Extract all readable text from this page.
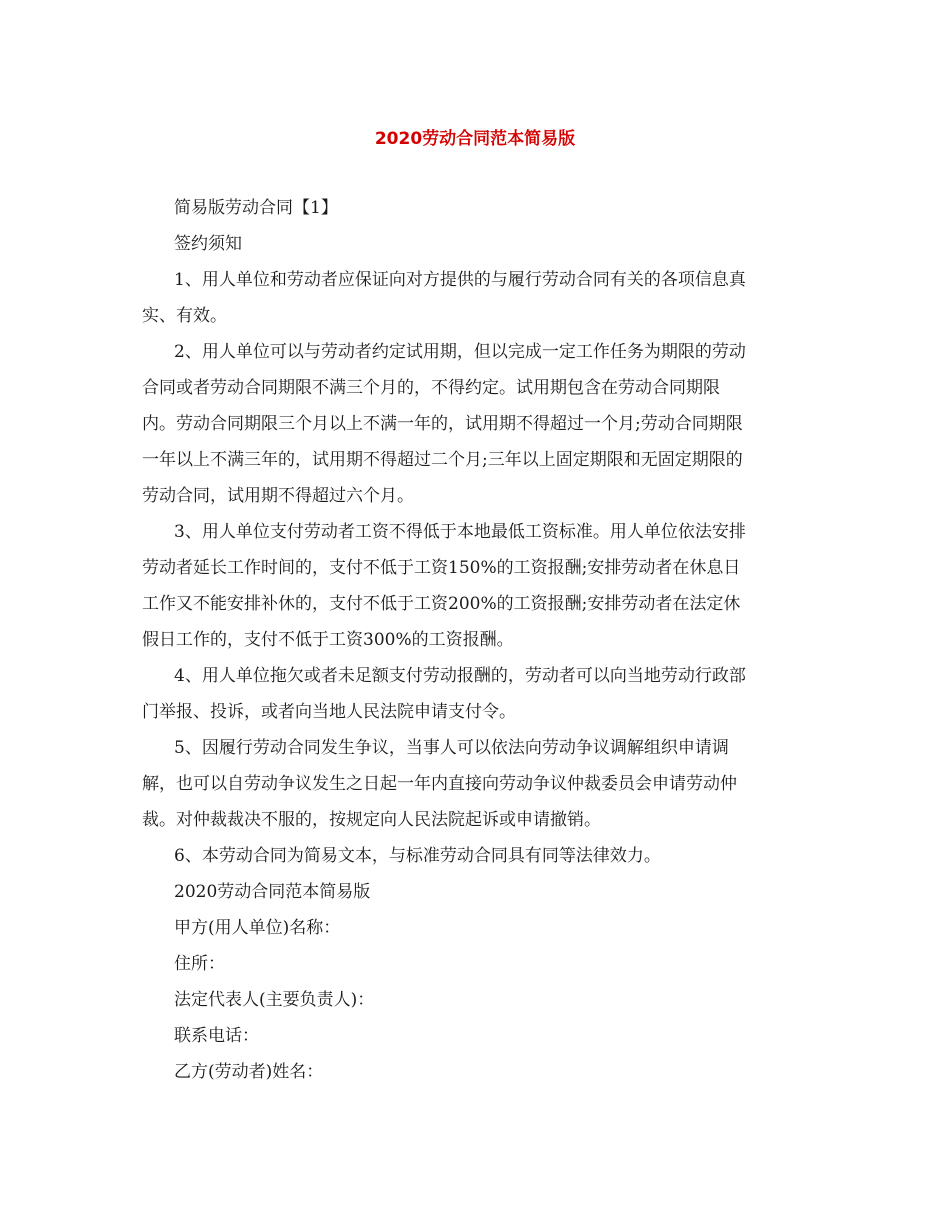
2020劳动合同范本简易版
简易版劳动合同【1】
签约须知
1、用人单位和劳动者应保证向对方提供的与履行劳动合同有关的各项信息真
实、有效。
2、用人单位可以与劳动者约定试用期，但以完成一定工作任务为期限的劳动
合同或者劳动合同期限不满三个月的，不得约定。试用期包含在劳动合同期限
内。劳动合同期限三个月以上不满一年的，试用期不得超过一个月;劳动合同期限
一年以上不满三年的，试用期不得超过二个月;三年以上固定期限和无固定期限的
劳动合同，试用期不得超过六个月。
3、用人单位支付劳动者工资不得低于本地最低工资标准。用人单位依法安排
劳动者延长工作时间的，支付不低于工资150%的工资报酬;安排劳动者在休息日
工作又不能安排补休的，支付不低于工资200%的工资报酬;安排劳动者在法定休
假日工作的，支付不低于工资300%的工资报酬。
4、用人单位拖欠或者未足额支付劳动报酬的，劳动者可以向当地劳动行政部
门举报、投诉，或者向当地人民法院申请支付令。
5、因履行劳动合同发生争议，当事人可以依法向劳动争议调解组织申请调
解，也可以自劳动争议发生之日起一年内直接向劳动争议仲裁委员会申请劳动仲
裁。对仲裁裁决不服的，按规定向人民法院起诉或申请撤销。
6、本劳动合同为简易文本，与标准劳动合同具有同等法律效力。
2020劳动合同范本简易版
甲方(用人单位)名称：
住所：
法定代表人(主要负责人)：
联系电话：
乙方(劳动者)姓名：
